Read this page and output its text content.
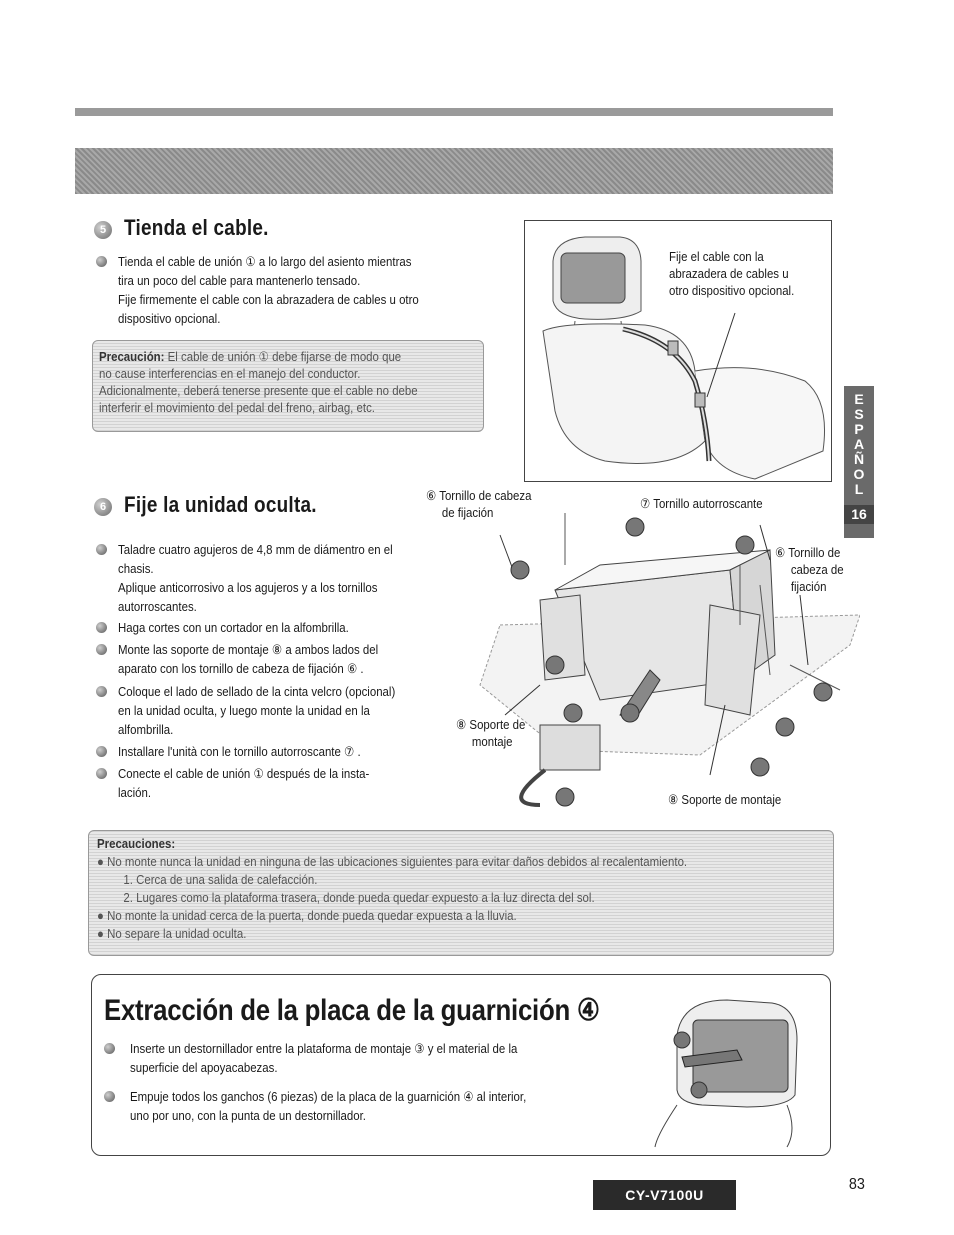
5 Tienda el cable.
Tienda el cable de unión ① a lo largo del asiento mientras
tira un poco del cable para mantenerlo tensado.
Fije firmemente el cable con la abrazadera de cables u otro
dispositivo opcional.
Precaución: El cable de unión ① debe fijarse de modo que
no cause interferencias en el manejo del conductor.
Adicionalmente, deberá tenerse presente que el cable no debe
interferir el movimiento del pedal del freno, airbag, etc.
Fije el cable con la
abrazadera de cables u
otro dispositivo opcional.
E
S
P
A
Ñ
O
L
16
6 Fije la unidad oculta.
Taladre cuatro agujeros de 4,8 mm de diámentro en el
chasis.
Aplique anticorrosivo a los agujeros y a los tornillos
autorroscantes.
Haga cortes con un cortador en la alfombrilla.
Monte las soporte de montaje ⑧ a ambos lados del
aparato con los tornillo de cabeza de fijación ⑥ .
Coloque el lado de sellado de la cinta velcro (opcional)
en la unidad oculta, y luego monte la unidad en la
alfombrilla.
Installare l'unità con le tornillo autorroscante ⑦ .
Conecte el cable de unión ① después de la insta-
lación.
⑥ Tornillo de cabeza
de fijación
⑦ Tornillo autorroscante
⑥ Tornillo de
cabeza de
fijación
⑧ Soporte de
montaje
⑧ Soporte de montaje
Precauciones:
● No monte nunca la unidad en ninguna de las ubicaciones siguientes para evitar daños debidos al recalentamiento.
1. Cerca de una salida de calefacción.
2. Lugares como la plataforma trasera, donde pueda quedar expuesto a la luz directa del sol.
● No monte la unidad cerca de la puerta, donde pueda quedar expuesta a la lluvia.
● No separe la unidad oculta.
Extracción de la placa de la guarnición ④
Inserte un destornillador entre la plataforma de montaje ③ y el material de la
superficie del apoyacabezas.
Empuje todos los ganchos (6 piezas) de la placa de la guarnición ④ al interior,
uno por uno, con la punta de un destornillador.
CY-V7100U
83
